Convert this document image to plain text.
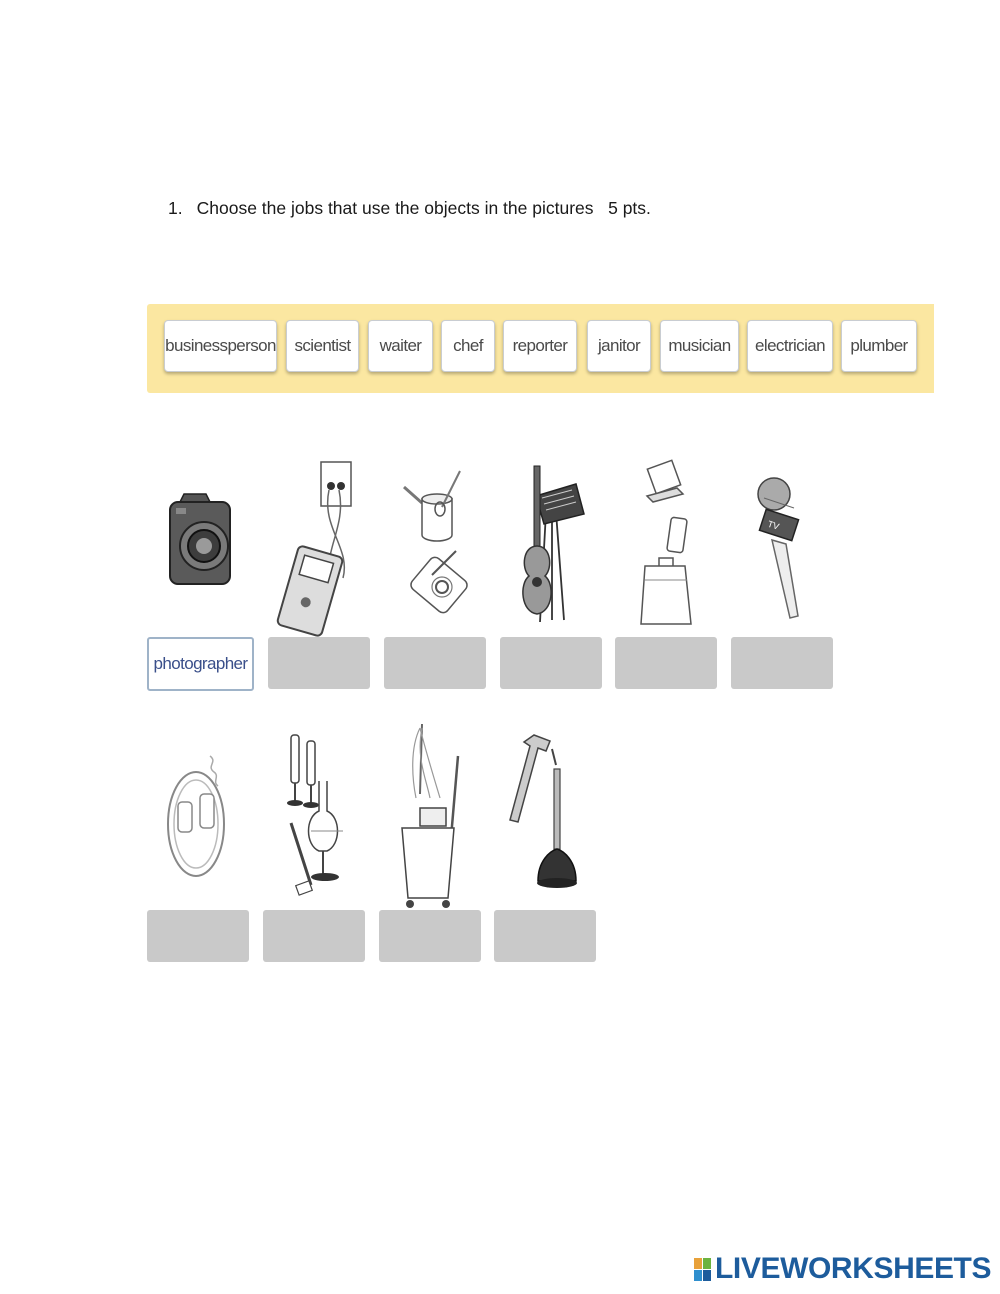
1. Choose the jobs that use the objects in the pictures   5 pts.
businessperson	scientist	waiter	chef	reporter	janitor	musician	electrician	plumber
TV
photographer
LIVEWORKSHEETS
